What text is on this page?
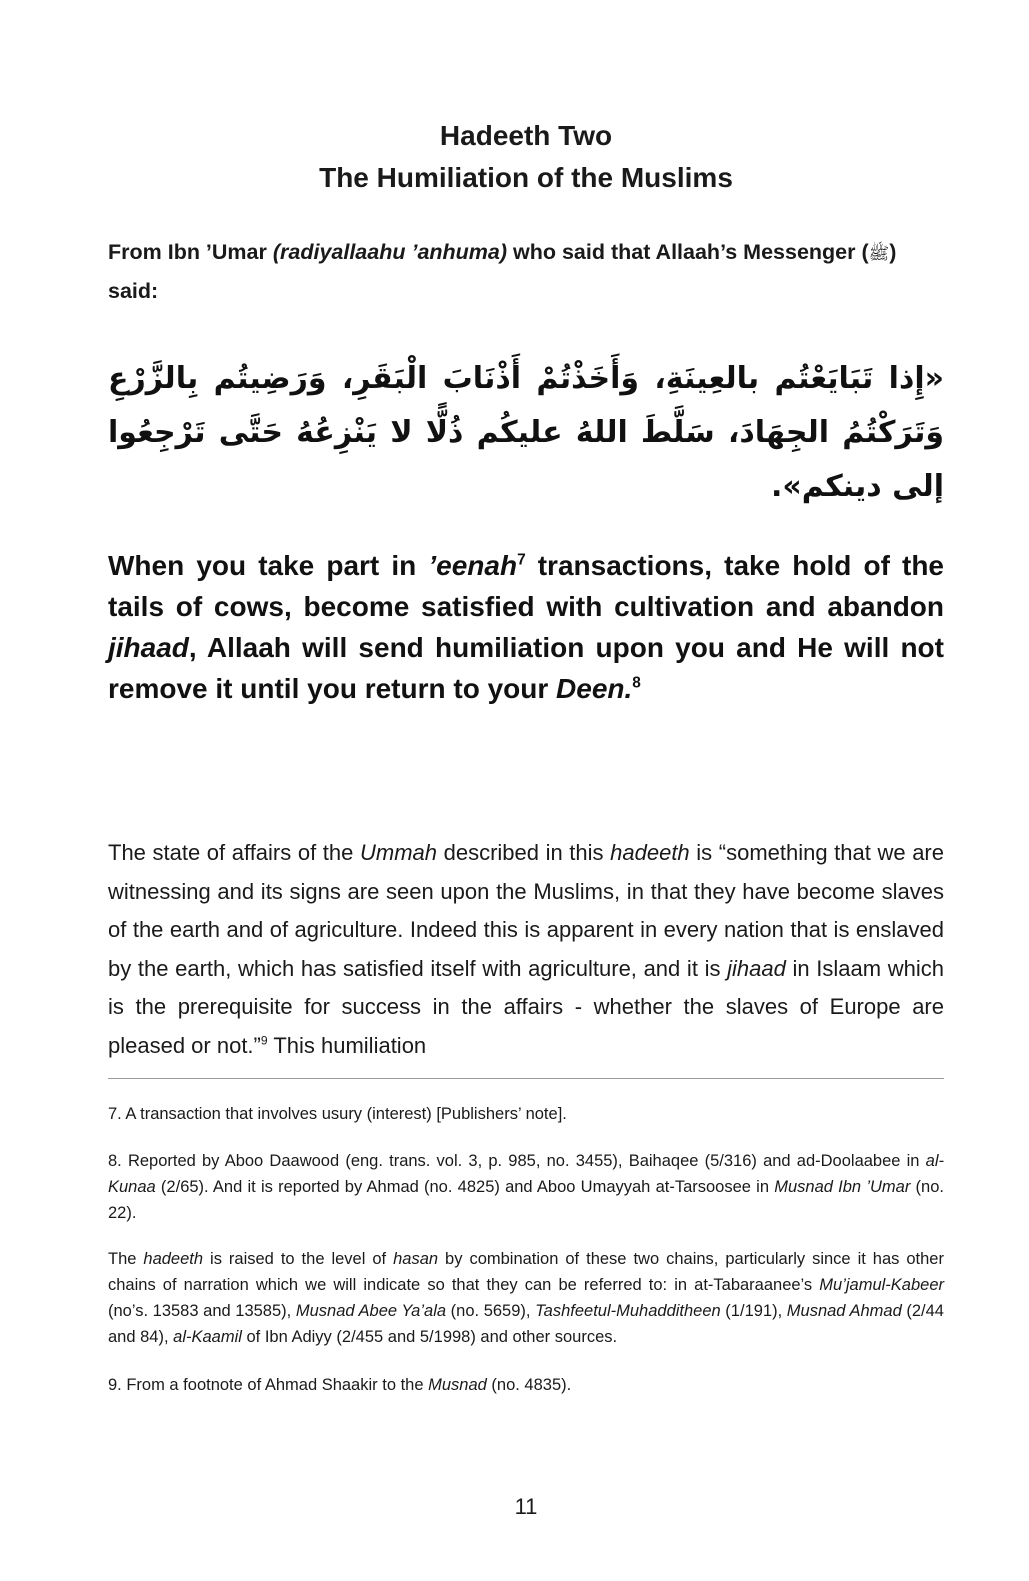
Hadeeth Two
The Humiliation of the Muslims
From Ibn ’Umar (radiyallaahu ’anhuma) who said that Allaah’s Messenger (ﷺ) said:
«إِذا تَبَايَعْتُم بالعِينَةِ، وَأَخَذْتُمْ أَذْنَابَ الْبَقَرِ، وَرَضِيتُم بِالزَّرْعِ وَتَرَكْتُمُ الجِهَادَ، سَلَّطَ اللهُ عليكُم ذُلًّا لا يَنْزِعُهُ حَتَّى تَرْجِعُوا إلى دينكم».
When you take part in ’eenah$^7$ transactions, take hold of the tails of cows, become satisfied with cultivation and abandon jihaad, Allaah will send humiliation upon you and He will not remove it until you return to your Deen.$^8$
The state of affairs of the Ummah described in this hadeeth is “something that we are witnessing and its signs are seen upon the Muslims, in that they have become slaves of the earth and of agriculture. Indeed this is apparent in every nation that is enslaved by the earth, which has satisfied itself with agriculture, and it is jihaad in Islaam which is the prerequisite for success in the affairs - whether the slaves of Europe are pleased or not.”$^9$ This humiliation

7. A transaction that involves usury (interest) [Publishers’ note].

8. Reported by Aboo Daawood (eng. trans. vol. 3, p. 985, no. 3455), Baihaqee (5/316) and ad-Doolaabee in al-Kunaa (2/65). And it is reported by Ahmad (no. 4825) and Aboo Umayyah at-Tarsoosee in Musnad Ibn ’Umar (no. 22).

The hadeeth is raised to the level of hasan by combination of these two chains, particularly since it has other chains of narration which we will indicate so that they can be referred to: in at-Tabaraanee’s Mu’jamul-Kabeer (no’s. 13583 and 13585), Musnad Abee Ya’ala (no. 5659), Tashfeetul-Muhadditheen (1/191), Musnad Ahmad (2/44 and 84), al-Kaamil of Ibn Adiyy (2/455 and 5/1998) and other sources.

9. From a footnote of Ahmad Shaakir to the Musnad (no. 4835).

11
